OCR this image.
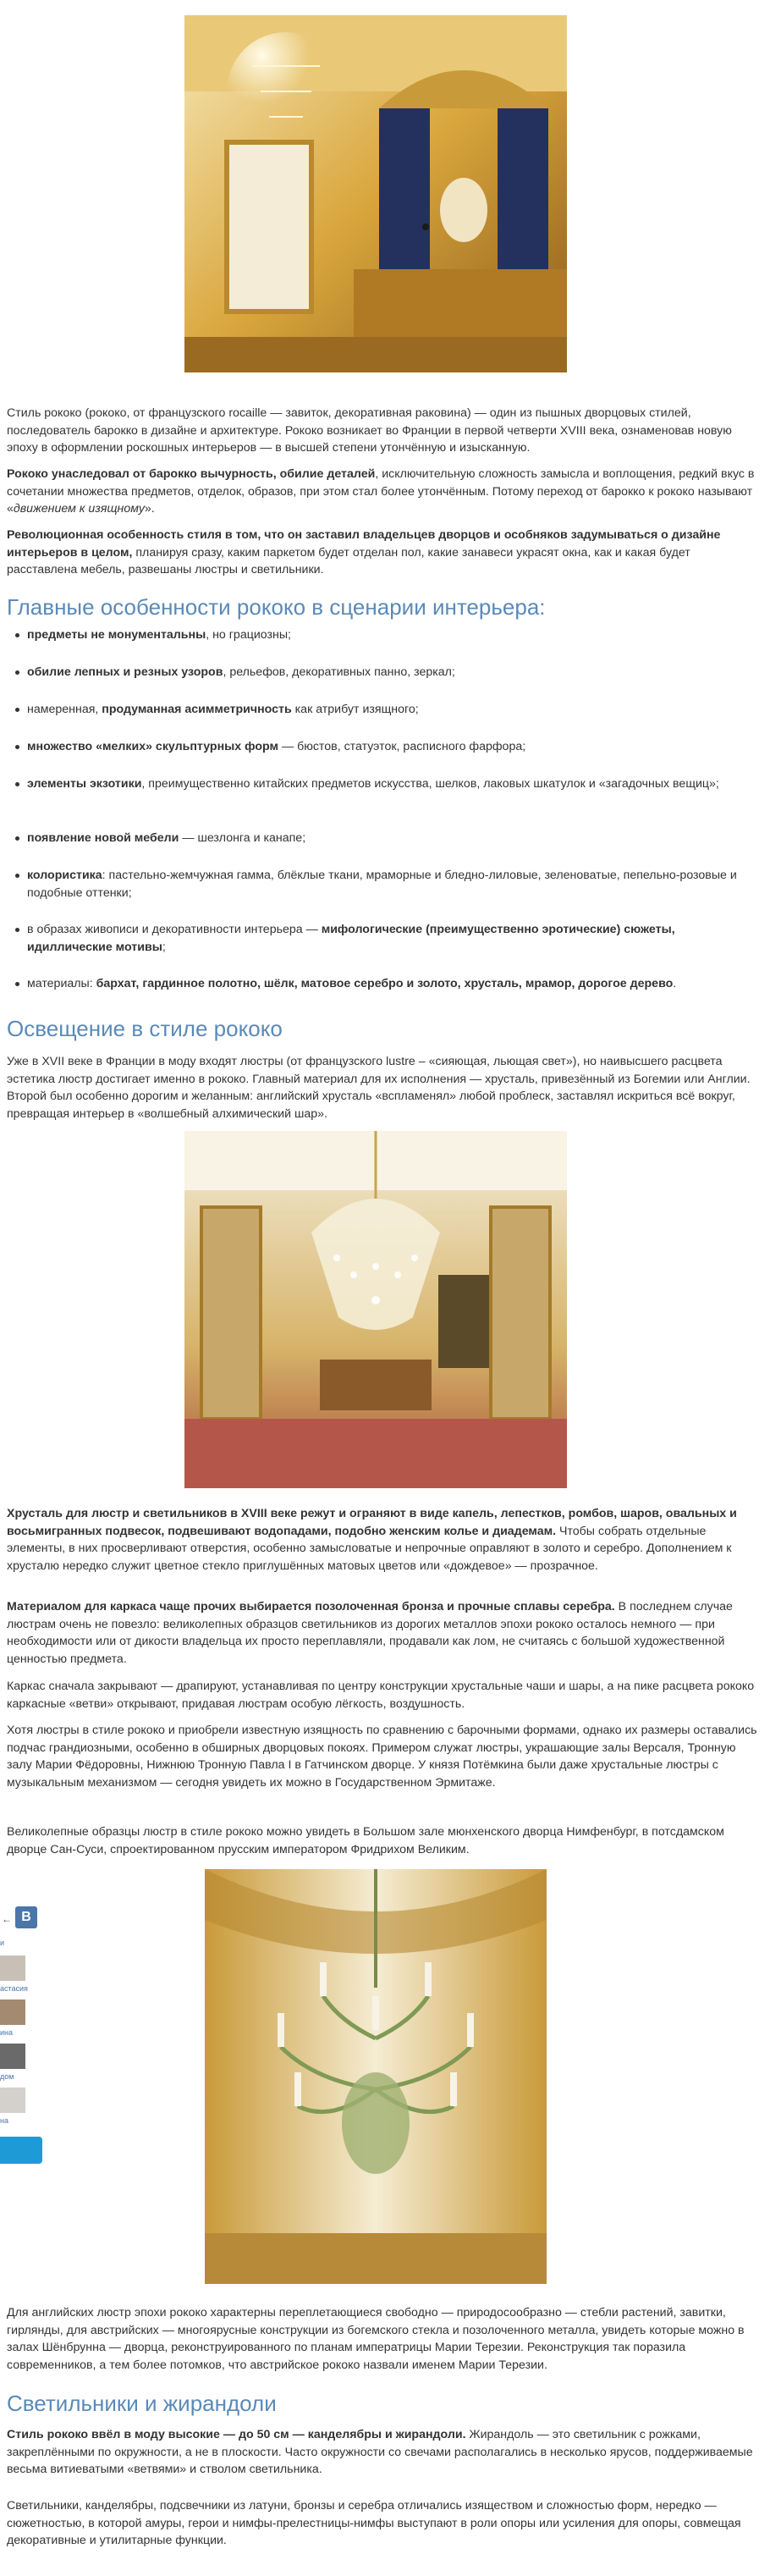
Стиль рококо (рококо, от французского rocaille — завиток, декоративная раковина) — один из пышных дворцовых стилей, последователь барокко в дизайне и архитектуре. Рококо возникает во Франции в первой четверти XVIII века, ознаменовав новую эпоху в оформлении роскошных интерьеров — в высшей степени утончённую и изысканную.

Рококо унаследовал от барокко вычурность, обилие деталей, исключительную сложность замысла и воплощения, редкий вкус в сочетании множества предметов, отделок, образов, при этом стал более утончённым. Потому переход от барокко к рококо называют «движением к изящному».

Революционная особенность стиля в том, что он заставил владельцев дворцов и особняков задумываться о дизайне интерьеров в целом, планируя сразу, каким паркетом будет отделан пол, какие занавеси украсят окна, как и какая будет расставлена мебель, развешаны люстры и светильники.

Главные особенности рококо в сценарии интерьера:
предметы не монументальны, но грациозны;
обилие лепных и резных узоров, рельефов, декоративных панно, зеркал;
намеренная, продуманная асимметричность как атрибут изящного;
множество «мелких» скульптурных форм — бюстов, статуэток, расписного фарфора;
элементы экзотики, преимущественно китайских предметов искусства, шелков, лаковых шкатулок и «загадочных вещиц»;
появление новой мебели — шезлонга и канапе;
колористика: пастельно-жемчужная гамма, блёклые ткани, мраморные и бледно-лиловые, зеленоватые, пепельно-розовые и подобные оттенки;
в образах живописи и декоративности интерьера — мифологические (преимущественно эротические) сюжеты, идиллические мотивы;
материалы: бархат, гардинное полотно, шёлк, матовое серебро и золото, хрусталь, мрамор, дорогое дерево.
Освещение в стиле рококо

Уже в XVII веке в Франции в моду входят люстры (от французского lustre – «сияющая, льющая свет»), но наивысшего расцвета эстетика люстр достигает именно в рококо. Главный материал для их исполнения — хрусталь, привезённый из Богемии или Англии. Второй был особенно дорогим и желанным: английский хрусталь «вспламенял» любой проблеск, заставлял искриться всё вокруг, превращая интерьер в «волшебный алхимический шар».

Хрусталь для люстр и светильников в XVIII веке режут и ограняют в виде капель, лепестков, ромбов, шаров, овальных и восьмигранных подвесок, подвешивают водопадами, подобно женским колье и диадемам. Чтобы собрать отдельные элементы, в них просверливают отверстия, особенно замысловатые и непрочные оправляют в золото и серебро. Дополнением к хрусталю нередко служит цветное стекло приглушённых матовых цветов или «дождевое» — прозрачное.

Материалом для каркаса чаще прочих выбирается позолоченная бронза и прочные сплавы серебра. В последнем случае люстрам очень не повезло: великолепных образцов светильников из дорогих металлов эпохи рококо осталось немного — при необходимости или от дикости владельца их просто переплавляли, продавали как лом, не считаясь с большой художественной ценностью предмета.

Каркас сначала закрывают — драпируют, устанавливая по центру конструкции хрустальные чаши и шары, а на пике расцвета рококо каркасные «ветви» открывают, придавая люстрам особую лёгкость, воздушность.

Хотя люстры в стиле рококо и приобрели известную изящность по сравнению с барочными формами, однако их размеры оставались подчас грандиозными, особенно в обширных дворцовых покоях. Примером служат люстры, украшающие залы Версаля, Тронную залу Марии Фёдоровны, Нижнюю Тронную Павла I в Гатчинском дворце. У князя Потёмкина были даже хрустальные люстры с музыкальным механизмом — сегодня увидеть их можно в Государственном Эрмитаже.

Великолепные образцы люстр в стиле рококо можно увидеть в Большом зале мюнхенского дворца Нимфенбург, в потсдамском дворце Сан-Суси, спроектированном прусским императором Фридрихом Великим.

← В
и
астасия
ина
дом
на

Для английских люстр эпохи рококо характерны переплетающиеся свободно — природосообразно — стебли растений, завитки, гирлянды, для австрийских — многоярусные конструкции из богемского стекла и позолоченного металла, увидеть которые можно в залах Шёнбрунна — дворца, реконструированного по планам императрицы Марии Терезии. Реконструкция так поразила современников, а тем более потомков, что австрийское рококо назвали именем Марии Терезии.

Светильники и жирандоли

Стиль рококо ввёл в моду высокие — до 50 см — канделябры и жирандоли. Жирандоль — это светильник с рожками, закреплёнными по окружности, а не в плоскости. Часто окружности со свечами располагались в несколько ярусов, поддерживаемые весьма витиеватыми «ветвями» и стволом светильника.

Светильники, канделябры, подсвечники из латуни, бронзы и серебра отличались изяществом и сложностью форм, нередко — сюжетностью, в которой амуры, герои и нимфы-прелестницы-нимфы выступают в роли опоры или усиления для опоры, совмещая декоративные и утилитарные функции.
